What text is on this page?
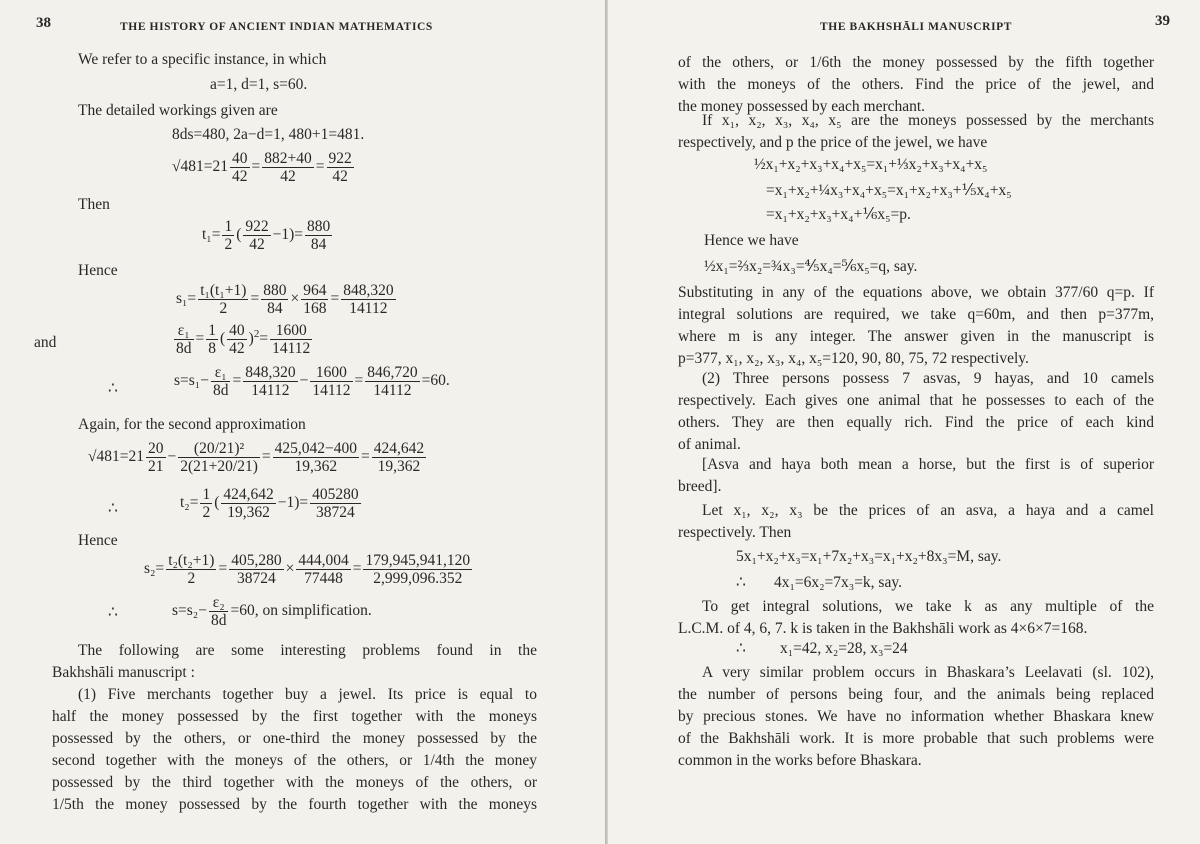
38	THE HISTORY OF ANCIENT INDIAN MATHEMATICS
We refer to a specific instance, in which
a=1, d=1, s=60.
The detailed workings given are
8ds=480, 2a−d=1, 480+1=481.
$√481=21 \frac{40}{42} = \frac{882+40}{42} = \frac{922}{42}$
Then
$t_1= \frac{1}{2}$ ( $\frac{922}{42} -1)= \frac{880}{84}$
Hence
$s_1= \frac{\text{t₁(t₁+1)}}{2} = \frac{880}{84} \times \frac{964}{168} = \frac{848,320}{14112}$
and	$\frac{\text{ε₁}}{8d} = \frac{1}{8}$ ( $\frac{40}{42} )^2= \frac{1600}{14112}$
∴	$s=s_1- \frac{\text{ε₁}}{8d} = \frac{848,320}{14112} - \frac{1600}{14112} = \frac{846,720}{14112} =60$.
Again, for the second approximation
$√481=21 \frac{20}{21} - \frac{\text{(20/21)²}}{2(21+20/21)} = \frac{425,042-400}{19,362} = \frac{424,642}{19,362}$
∴	$t_2= \frac{1}{2}$ ( $\frac{424,642}{19,362} -1)= \frac{405280}{38724}$
Hence
$s_2= \frac{\text{t₂(t₂+1)}}{2} = \frac{405,280}{38724} \times \frac{444,004}{77448} = \frac{179,945,941,120}{2,999,096.352}$
∴	$s=s_2- \frac{\text{ε₂}}{8d} =60$, on simplification.
The following are some interesting problems found in the
Bakhshāli manuscript :
(1) Five merchants together buy a jewel. Its price is equal to
half the money possessed by the first together with the moneys
possessed by the others, or one-third the money possessed by the
second together with the moneys of the others, or 1/4th the money
possessed by the third together with the moneys of the others, or
1/5th the money possessed by the fourth together with the moneys
THE BAKHSHĀLI MANUSCRIPT	39
of the others, or 1/6th the money possessed by the fifth together
with the moneys of the others. Find the price of the jewel, and
the money possessed by each merchant.
If x₁, x₂, x₃, x₄, x₅ are the moneys possessed by the merchants
respectively, and p the price of the jewel, we have
½x₁+x₂+x₃+x₄+x₅=x₁+⅓x₂+x₃+x₄+x₅
=x₁+x₂+¼x₃+x₄+x₅=x₁+x₂+x₃+⅕x₄+x₅
=x₁+x₂+x₃+x₄+⅙x₅=p.
Hence we have
½x₁=⅔x₂=¾x₃=⅘x₄=⅚x₅=q, say.
Substituting in any of the equations above, we obtain 377/60 q=p. If
integral solutions are required, we take q=60m, and then p=377m,
where m is any integer. The answer given in the manuscript is
p=377, x₁, x₂, x₃, x₄, x₅=120, 90, 80, 75, 72 respectively.
(2) Three persons possess 7 asvas, 9 hayas, and 10 camels
respectively. Each gives one animal that he possesses to each of the
others. They are then equally rich. Find the price of each kind
of animal.
[Asva and haya both mean a horse, but the first is of superior
breed].
Let x₁, x₂, x₃ be the prices of an asva, a haya and a camel
respectively. Then
5x₁+x₂+x₃=x₁+7x₂+x₃=x₁+x₂+8x₃=M, say.
∴ 4x₁=6x₂=7x₃=k, say.
To get integral solutions, we take k as any multiple of the
L.C.M. of 4, 6, 7. k is taken in the Bakhshāli work as 4×6×7=168.
∴ x₁=42, x₂=28, x₃=24
A very similar problem occurs in Bhaskara’s Leelavati (sl. 102),
the number of persons being four, and the animals being replaced
by precious stones. We have no information whether Bhaskara knew
of the Bakhshāli work. It is more probable that such problems were
common in the works before Bhaskara.
